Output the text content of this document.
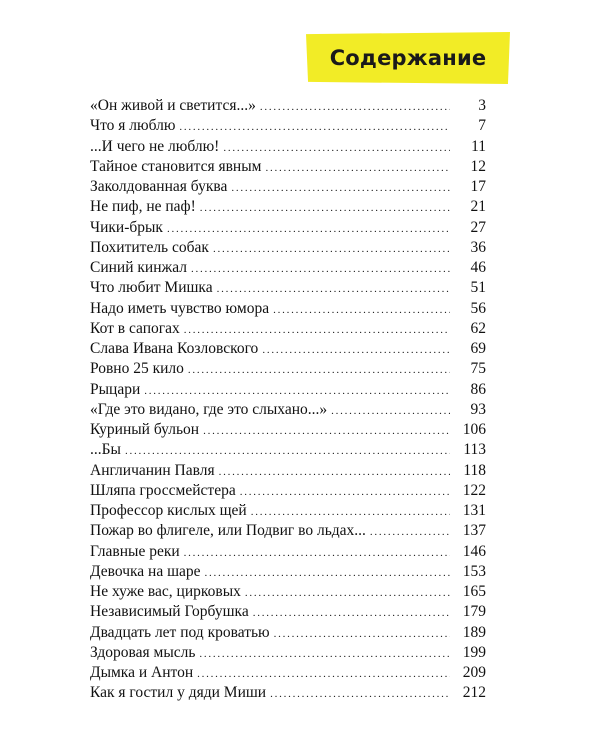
Содержание
«Он живой и светится...» . . .	3
Что я люблю . . .	7
...И чего не люблю! . . .	11
Тайное становится явным . . .	12
Заколдованная буква . . .	17
Не пиф, не паф! . . .	21
Чики-брык . . .	27
Похититель собак . . .	36
Синий кинжал . . .	46
Что любит Мишка . . .	51
Надо иметь чувство юмора . . .	56
Кот в сапогах . . .	62
Слава Ивана Козловского . . .	69
Ровно 25 кило . . .	75
Рыцари . . .	86
«Где это видано, где это слыхано...» . . .	93
Куриный бульон . . .	106
...Бы . . .	113
Англичанин Павля . . .	118
Шляпа гроссмейстера . . .	122
Профессор кислых щей . . .	131
Пожар во флигеле, или Подвиг во льдах... . . .	137
Главные реки . . .	146
Девочка на шаре . . .	153
Не хуже вас, цирковых . . .	165
Независимый Горбушка . . .	179
Двадцать лет под кроватью . . .	189
Здоровая мысль . . .	199
Дымка и Антон . . .	209
Как я гостил у дяди Миши . . .	212
